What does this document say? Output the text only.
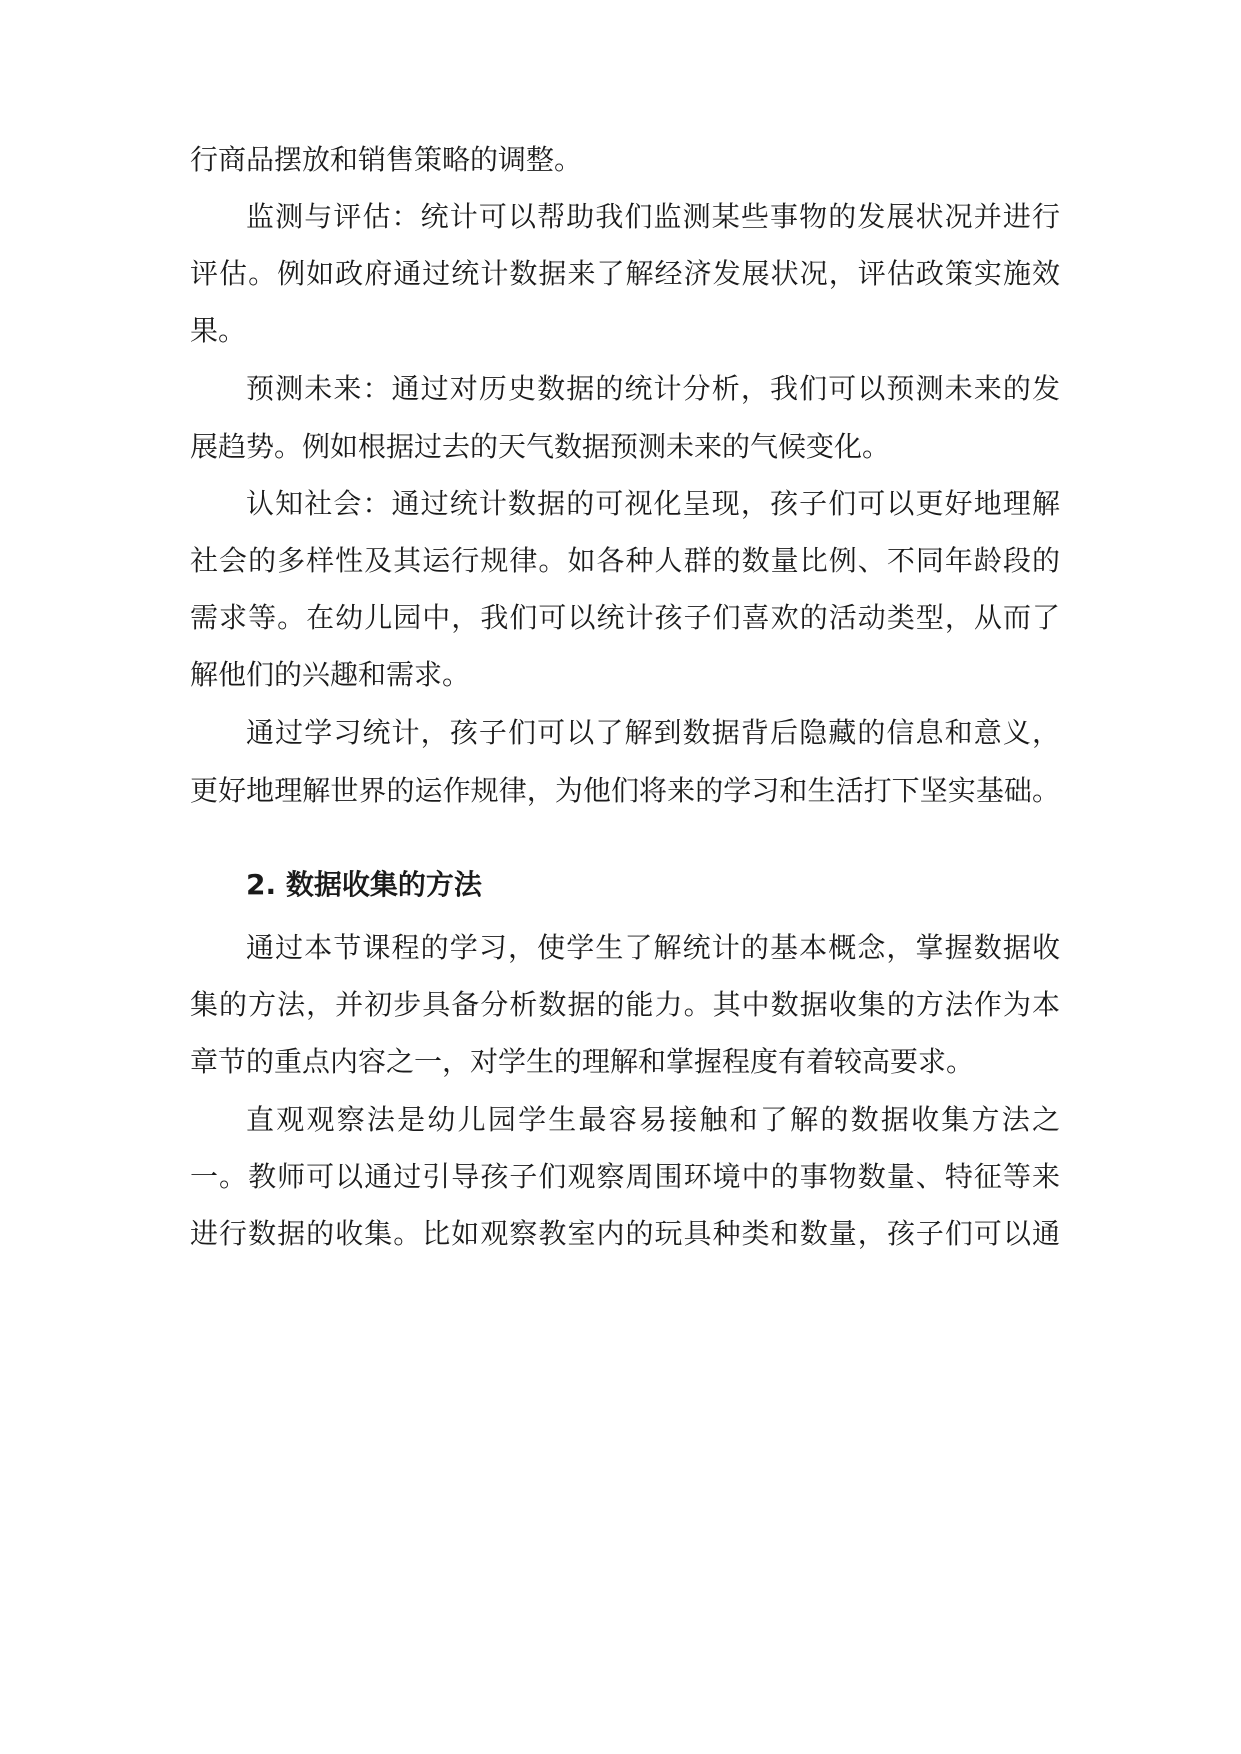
行商品摆放和销售策略的调整。
监测与评估：统计可以帮助我们监测某些事物的发展状况并进行
评估。例如政府通过统计数据来了解经济发展状况，评估政策实施效
果。
预测未来：通过对历史数据的统计分析，我们可以预测未来的发
展趋势。例如根据过去的天气数据预测未来的气候变化。
认知社会：通过统计数据的可视化呈现，孩子们可以更好地理解
社会的多样性及其运行规律。如各种人群的数量比例、不同年龄段的
需求等。在幼儿园中，我们可以统计孩子们喜欢的活动类型，从而了
解他们的兴趣和需求。
通过学习统计，孩子们可以了解到数据背后隐藏的信息和意义，
更好地理解世界的运作规律，为他们将来的学习和生活打下坚实基础。
2. 数据收集的方法
通过本节课程的学习，使学生了解统计的基本概念，掌握数据收
集的方法，并初步具备分析数据的能力。其中数据收集的方法作为本
章节的重点内容之一，对学生的理解和掌握程度有着较高要求。
直观观察法是幼儿园学生最容易接触和了解的数据收集方法之
一。教师可以通过引导孩子们观察周围环境中的事物数量、特征等来
进行数据的收集。比如观察教室内的玩具种类和数量，孩子们可以通
